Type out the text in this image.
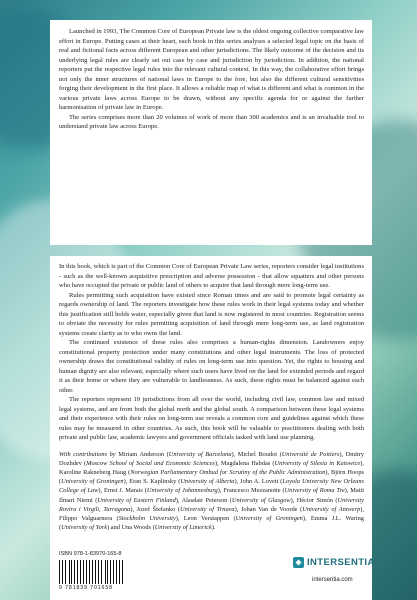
Launched in 1993, The Common Core of European Private law is the oldest ongoing collective comparative law effort in Europe. Putting cases at their heart, each book in this series analyses a selected legal topic on the basis of real and fictional facts across different European and other jurisdictions. The likely outcome of the decision and its underlying legal rules are clearly set out case by case and jurisdiction by jurisdiction. In addition, the national reporters put the respective legal rules into the relevant cultural context. In this way, the collaborative effort brings not only the inner structures of national laws in Europe to the fore, but also the different cultural sensitivities forging their development in the first place. It allows a reliable map of what is different and what is common in the various private laws across Europe to be drawn, without any specific agenda for or against the further harmonisation of private law in Europe.

The series comprises more than 20 volumes of work of more than 300 academics and is an invaluable tool to understand private law across Europe.

In this book, which is part of the Common Core of European Private Law series, reporters consider legal institutions - such as the well-known acquisitive prescription and adverse possession - that allow squatters and other persons who have occupied the private or public land of others to acquire that land through mere long-term use.

Rules permitting such acquisition have existed since Roman times and are said to promote legal certainty as regards ownership of land. The reporters investigate how these rules work in their legal systems today and whether this justification still holds water, especially given that land is now registered in most countries. Registration seems to obviate the necessity for rules permitting acquisition of land through mere long-term use, as land registration systems create clarity as to who owns the land.

The continued existence of these rules also comprises a human-rights dimension. Landowners enjoy constitutional property protection under many constitutions and other legal instruments. The loss of protected ownership draws the constitutional validity of rules on long-term use into question. Yet, the rights to housing and human dignity are also relevant, especially where such users have lived on the land for extended periods and regard it as their home or where they are vulnerable to landlessness. As such, these rights must be balanced against each other.

The reporters represent 19 jurisdictions from all over the world, including civil law, common law and mixed legal systems, and are from both the global north and the global south. A comparison between these legal systems and their experience with their rules on long-term use reveals a common core and guidelines against which these rules may be measured in other countries. As such, this book will be valuable to practitioners dealing with both private and public law, academic lawyers and government officials tasked with land use planning.

With contributions by Miriam Anderson (University of Barcelona), Michel Boudot (Université de Poitiers), Dmitry Dozhdev (Moscow School of Social and Economic Sciences), Magdalena Habdas (University of Silesia in Katowice), Karoline Rakneberg Haug (Norwegian Parliamentary Ombud for Scrutiny of the Public Administration), Björn Hoops (University of Groningen), Eran S. Kaplinsky (University of Alberta), John A. Lovett (Loyola University New Orleans College of Law), Ernst J. Marais (University of Johannesburg), Francesco Mezzanotte (University of Roma Tre), Matti Ilmari Niemi (University of Eastern Finland), Alasdair Peterson (University of Glasgow), Héctor Simón (University Rovira i Virgili, Tarragona), Jozef Štefanko (University of Trnava), Johan Van de Voorde (University of Antwerp), Filippo Valguarnera (Stockholm University), Leon Verstappen (University of Groningen), Emma J.L. Waring (University of York) and Una Woods (University of Limerick).

ISBN 978-1-83970-165-8
9 781839 701658
INTERSENTIA
intersentia.com
